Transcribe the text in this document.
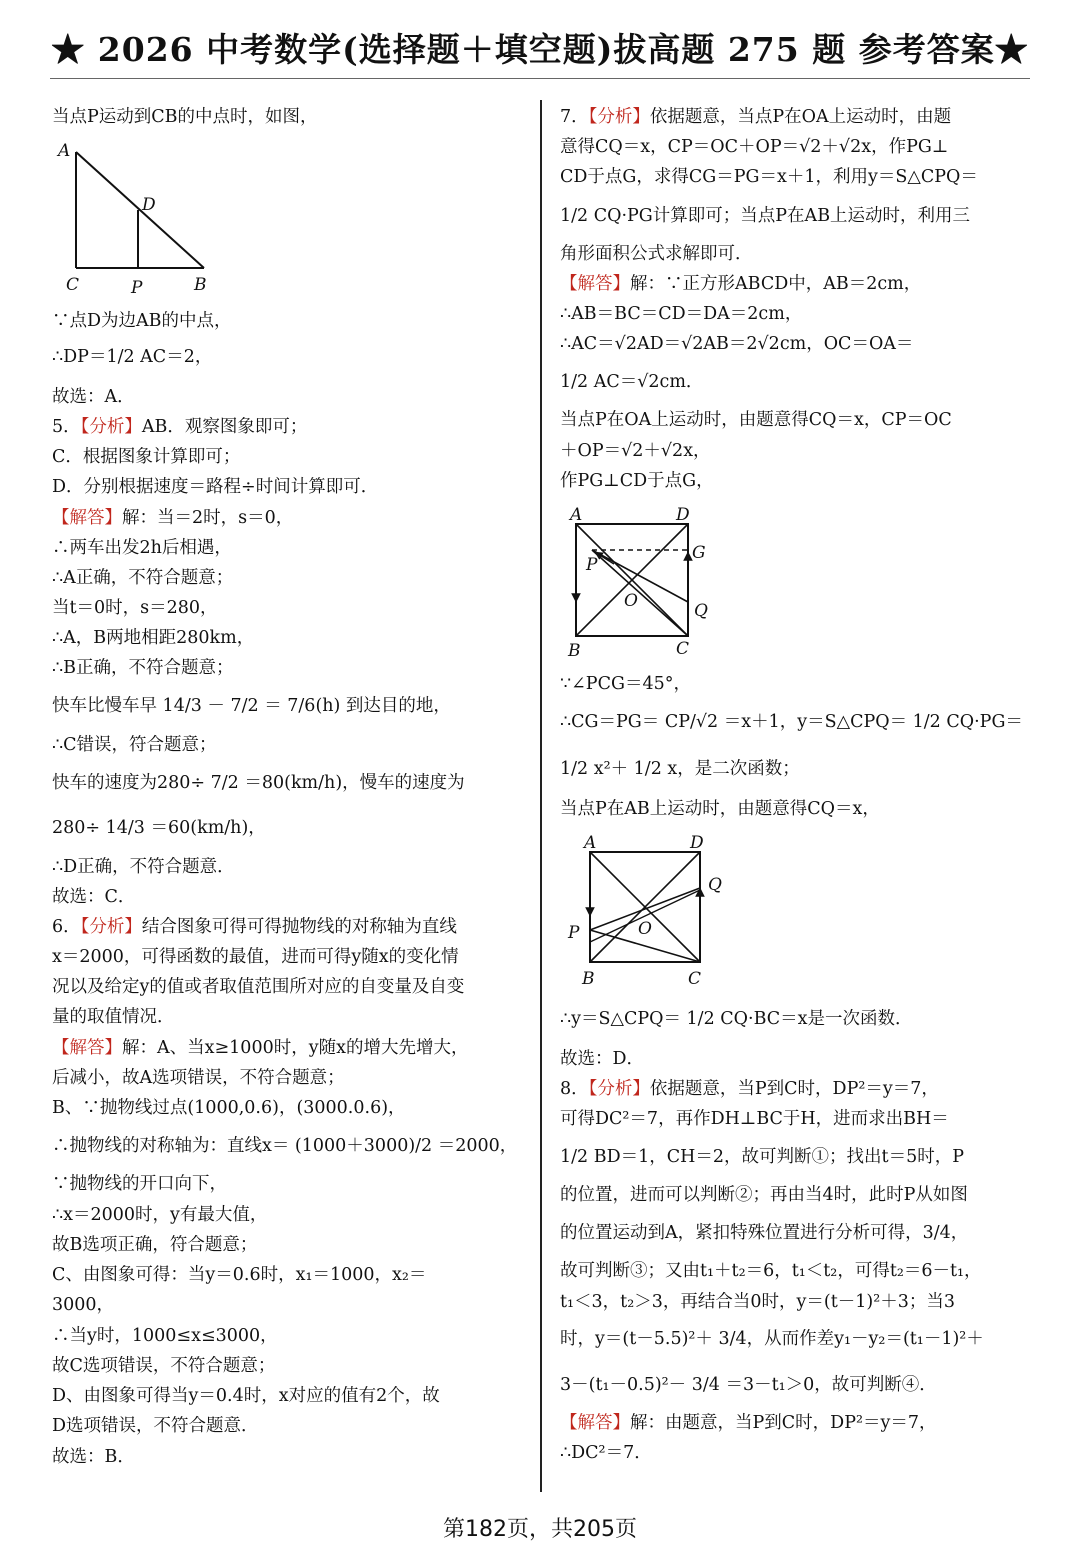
★ 2026 中考数学(选择题＋填空题)拔高题 275 题 参考答案★
当点P运动到CB的中点时，如图，
A
D
C	P	B
∵点D为边AB的中点，
∴DP＝1/2 AC＝2，
故选：A．
5．【分析】AB．观察图象即可；
C．根据图象计算即可；
D．分别根据速度＝路程÷时间计算即可．
【解答】解：当＝2时，s＝0，
∴两车出发2h后相遇，
∴A正确，不符合题意；
当t＝0时，s＝280，
∴A，B两地相距280km，
∴B正确，不符合题意；
快车比慢车早 14/3 － 7/2 ＝ 7/6(h) 到达目的地，
∴C错误，符合题意；
快车的速度为280÷ 7/2 ＝80(km/h)，慢车的速度为
280÷ 14/3 ＝60(km/h)，
∴D正确，不符合题意．
故选：C．
6．【分析】结合图象可得可得抛物线的对称轴为直线
x＝2000，可得函数的最值，进而可得y随x的变化情
况以及给定y的值或者取值范围所对应的自变量及自变
量的取值情况．
【解答】解：A、当x≥1000时，y随x的增大先增大，
后减小，故A选项错误，不符合题意；
B、∵抛物线过点(1000,0.6)，(3000.0.6)，
∴抛物线的对称轴为：直线x＝ (1000＋3000)/2 ＝2000，
∵抛物线的开口向下，
∴x＝2000时，y有最大值，
故B选项正确，符合题意；
C、由图象可得：当y＝0.6时，x₁＝1000，x₂＝
3000，
∴当y时，1000≤x≤3000，
故C选项错误，不符合题意；
D、由图象可得当y＝0.4时，x对应的值有2个，故
D选项错误，不符合题意．
故选：B．
7．【分析】依据题意，当点P在OA上运动时，由题
意得CQ＝x，CP＝OC＋OP＝√2＋√2x，作PG⊥
CD于点G，求得CG＝PG＝x＋1，利用y＝S△CPQ＝
1/2 CQ·PG计算即可；当点P在AB上运动时，利用三
角形面积公式求解即可．
【解答】解：∵正方形ABCD中，AB＝2cm，
∴AB＝BC＝CD＝DA＝2cm，
∴AC＝√2AD＝√2AB＝2√2cm，OC＝OA＝
1/2 AC＝√2cm．
当点P在OA上运动时，由题意得CQ＝x，CP＝OC
＋OP＝√2＋√2x，
作PG⊥CD于点G，
A	D
G
P
O	Q
B	C
∵∠PCG＝45°，
∴CG＝PG＝ CP/√2 ＝x＋1，y＝S△CPQ＝ 1/2 CQ·PG＝
1/2 x²＋ 1/2 x，是二次函数；
当点P在AB上运动时，由题意得CQ＝x，
A	D
Q
P	O
B	C
∴y＝S△CPQ＝ 1/2 CQ·BC＝x是一次函数．
故选：D．
8．【分析】依据题意，当P到C时，DP²＝y＝7，
可得DC²＝7，再作DH⊥BC于H，进而求出BH＝
1/2 BD＝1，CH＝2，故可判断①；找出t＝5时，P
的位置，进而可以判断②；再由当4时，此时P从如图
的位置运动到A，紧扣特殊位置进行分析可得，3/4，
故可判断③；又由t₁＋t₂＝6，t₁＜t₂，可得t₂＝6－t₁，
t₁＜3，t₂＞3，再结合当0时，y＝(t－1)²＋3；当3
时，y＝(t－5.5)²＋ 3/4，从而作差y₁－y₂＝(t₁－1)²＋
3－(t₁－0.5)²－ 3/4 ＝3－t₁＞0，故可判断④．
【解答】解：由题意，当P到C时，DP²＝y＝7，
∴DC²＝7．
第182页，共205页
